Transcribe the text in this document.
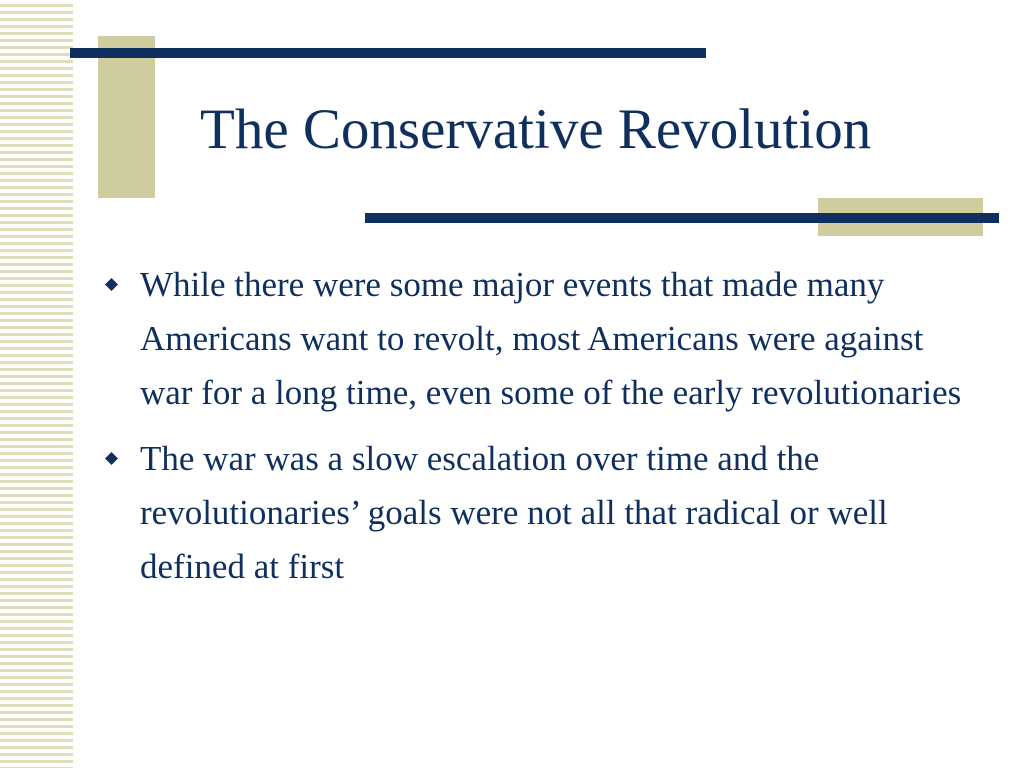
The Conservative Revolution
While there were some major events that made many Americans want to revolt, most Americans were against war for a long time, even some of the early revolutionaries
The war was a slow escalation over time and the revolutionaries’ goals were not all that radical or well defined at first
